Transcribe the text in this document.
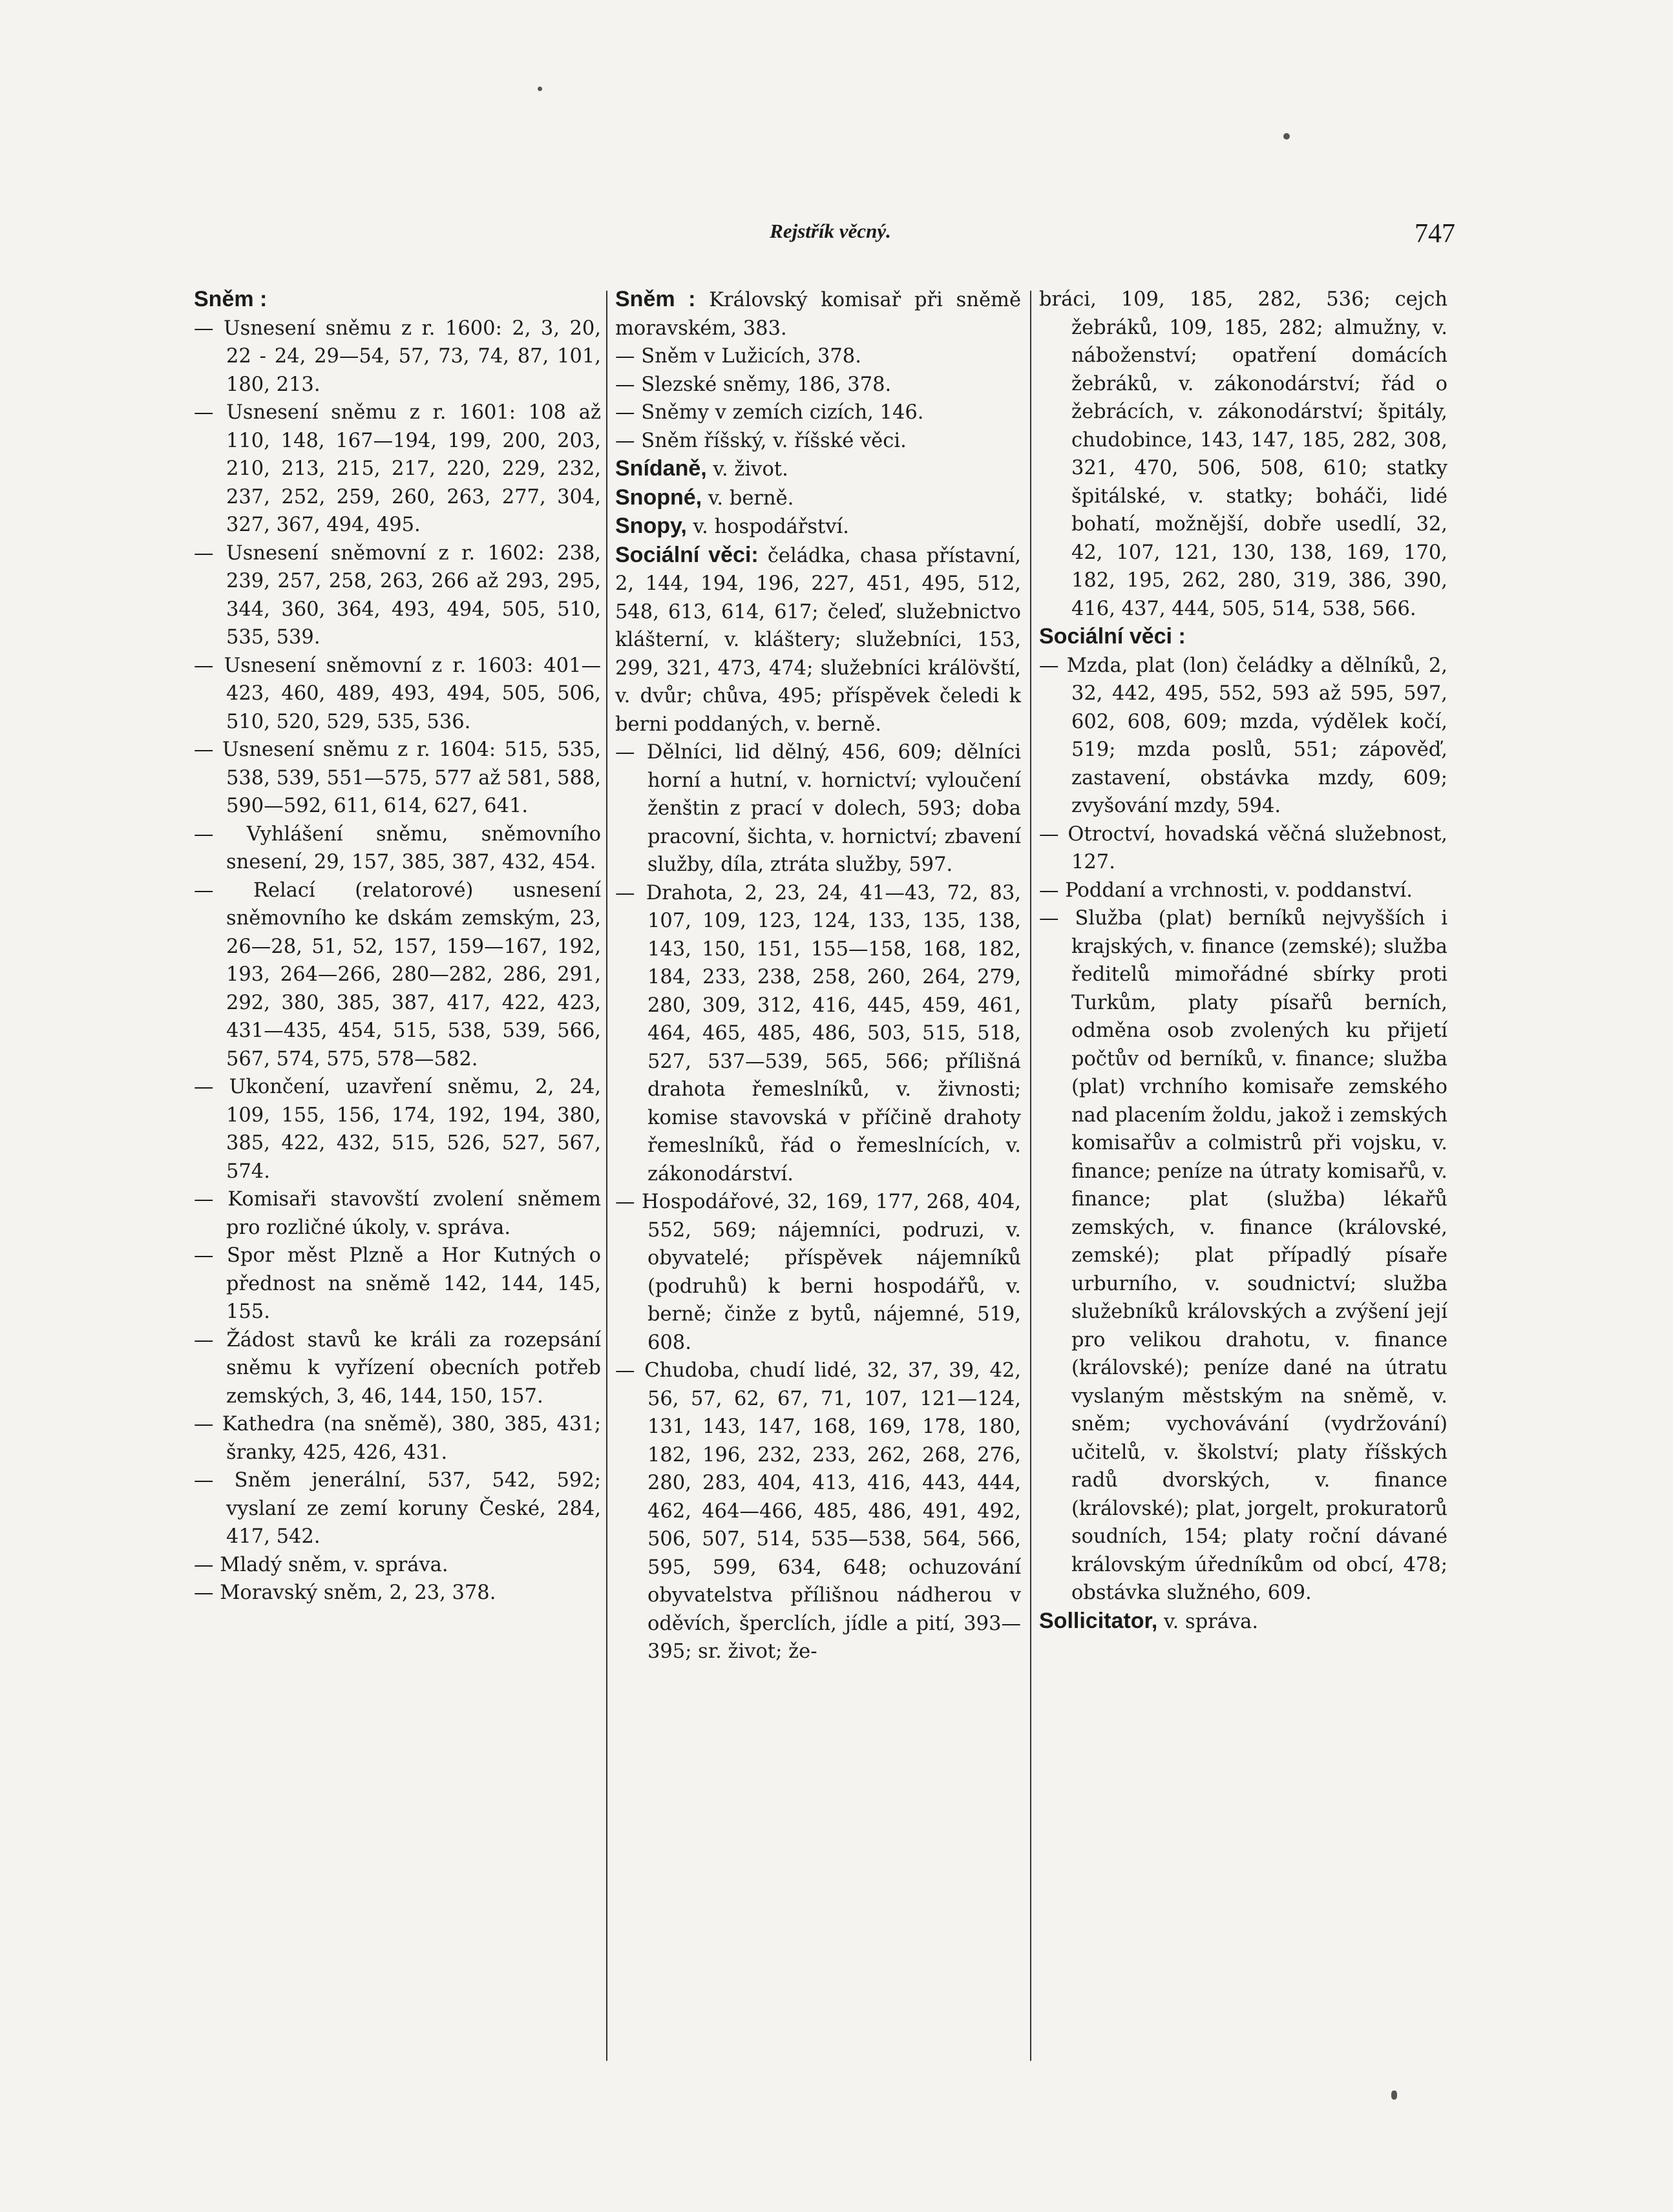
Rejstřík věcný.	747

Sněm :

— Usnesení sněmu z r. 1600: 2, 3, 20, 22 - 24, 29—54, 57, 73, 74, 87, 101, 180, 213.

— Usnesení sněmu z r. 1601: 108 až 110, 148, 167—194, 199, 200, 203, 210, 213, 215, 217, 220, 229, 232, 237, 252, 259, 260, 263, 277, 304, 327, 367, 494, 495.

— Usnesení sněmovní z r. 1602: 238, 239, 257, 258, 263, 266 až 293, 295, 344, 360, 364, 493, 494, 505, 510, 535, 539.

— Usnesení sněmovní z r. 1603: 401—423, 460, 489, 493, 494, 505, 506, 510, 520, 529, 535, 536.

— Usnesení sněmu z r. 1604: 515, 535, 538, 539, 551—575, 577 až 581, 588, 590—592, 611, 614, 627, 641.

— Vyhlášení sněmu, sněmovního snesení, 29, 157, 385, 387, 432, 454.

— Relací (relatorové) usnesení sněmovního ke dskám zemským, 23, 26—28, 51, 52, 157, 159—167, 192, 193, 264—266, 280—282, 286, 291, 292, 380, 385, 387, 417, 422, 423, 431—435, 454, 515, 538, 539, 566, 567, 574, 575, 578—582.

— Ukončení, uzavření sněmu, 2, 24, 109, 155, 156, 174, 192, 194, 380, 385, 422, 432, 515, 526, 527, 567, 574.

— Komisaři stavovští zvolení sněmem pro rozličné úkoly, v. správa.

— Spor měst Plzně a Hor Kutných o přednost na sněmě 142, 144, 145, 155.

— Žádost stavů ke králi za rozepsání sněmu k vyřízení obecních potřeb zemských, 3, 46, 144, 150, 157.

— Kathedra (na sněmě), 380, 385, 431; šranky, 425, 426, 431.

— Sněm jenerální, 537, 542, 592; vyslaní ze zemí koruny České, 284, 417, 542.

— Mladý sněm, v. správa.

— Moravský sněm, 2, 23, 378.

Sněm : Královský komisař při sněmě moravském, 383.

— Sněm v Lužicích, 378.

— Slezské sněmy, 186, 378.

— Sněmy v zemích cizích, 146.

— Sněm říšský, v. říšské věci.

Snídaně, v. život.

Snopné, v. berně.

Snopy, v. hospodářství.

Sociální věci: čeládka, chasa přístavní, 2, 144, 194, 196, 227, 451, 495, 512, 548, 613, 614, 617; čeleď, služebnictvo klášterní, v. kláštery; služebníci, 153, 299, 321, 473, 474; služebníci králövští, v. dvůr; chůva, 495; příspěvek čeledi k berni poddaných, v. berně.

— Dělníci, lid dělný, 456, 609; dělníci horní a hutní, v. hornictví; vyloučení ženštin z prací v dolech, 593; doba pracovní, šichta, v. hornictví; zbavení služby, díla, ztráta služby, 597.

— Drahota, 2, 23, 24, 41—43, 72, 83, 107, 109, 123, 124, 133, 135, 138, 143, 150, 151, 155—158, 168, 182, 184, 233, 238, 258, 260, 264, 279, 280, 309, 312, 416, 445, 459, 461, 464, 465, 485, 486, 503, 515, 518, 527, 537—539, 565, 566; přílišná drahota řemeslníků, v. živnosti; komise stavovská v příčině drahoty řemeslníků, řád o řemeslnících, v. zákonodárství.

— Hospodářové, 32, 169, 177, 268, 404, 552, 569; nájemníci, podruzi, v. obyvatelé; příspěvek nájemníků (podruhů) k berni hospodářů, v. berně; činže z bytů, nájemné, 519, 608.

— Chudoba, chudí lidé, 32, 37, 39, 42, 56, 57, 62, 67, 71, 107, 121—124, 131, 143, 147, 168, 169, 178, 180, 182, 196, 232, 233, 262, 268, 276, 280, 283, 404, 413, 416, 443, 444, 462, 464—466, 485, 486, 491, 492, 506, 507, 514, 535—538, 564, 566, 595, 599, 634, 648; ochuzování obyvatelstva přílišnou nádherou v oděvích, šperclích, jídle a pití, 393—395; sr. život; že-

bráci, 109, 185, 282, 536; cejch žebráků, 109, 185, 282; almužny, v. náboženství; opatření domácích žebráků, v. zákonodárství; řád o žebrácích, v. zákonodárství; špitály, chudobince, 143, 147, 185, 282, 308, 321, 470, 506, 508, 610; statky špitálské, v. statky; boháči, lidé bohatí, možnější, dobře usedlí, 32, 42, 107, 121, 130, 138, 169, 170, 182, 195, 262, 280, 319, 386, 390, 416, 437, 444, 505, 514, 538, 566.

Sociální věci :

— Mzda, plat (lon) čeládky a dělníků, 2, 32, 442, 495, 552, 593 až 595, 597, 602, 608, 609; mzda, výdělek kočí, 519; mzda poslů, 551; zápověď, zastavení, obstávka mzdy, 609; zvyšování mzdy, 594.

— Otroctví, hovadská věčná služebnost, 127.

— Poddaní a vrchnosti, v. poddanství.

— Služba (plat) berníků nejvyšších i krajských, v. finance (zemské); služba ředitelů mimořádné sbírky proti Turkům, platy písařů berních, odměna osob zvolených ku přijetí počtův od berníků, v. finance; služba (plat) vrchního komisaře zemského nad placením žoldu, jakož i zemských komisařův a colmistrů při vojsku, v. finance; peníze na útraty komisařů, v. finance; plat (služba) lékařů zemských, v. finance (královské, zemské); plat případlý písaře urburního, v. soudnictví; služba služebníků královských a zvýšení její pro velikou drahotu, v. finance (královské); peníze dané na útratu vyslaným městským na sněmě, v. sněm; vychovávání (vydržování) učitelů, v. školství; platy říšských radů dvorských, v. finance (královské); plat, jorgelt, prokuratorů soudních, 154; platy roční dávané královským úředníkům od obcí, 478; obstávka služného, 609.

Sollicitator, v. správa.
